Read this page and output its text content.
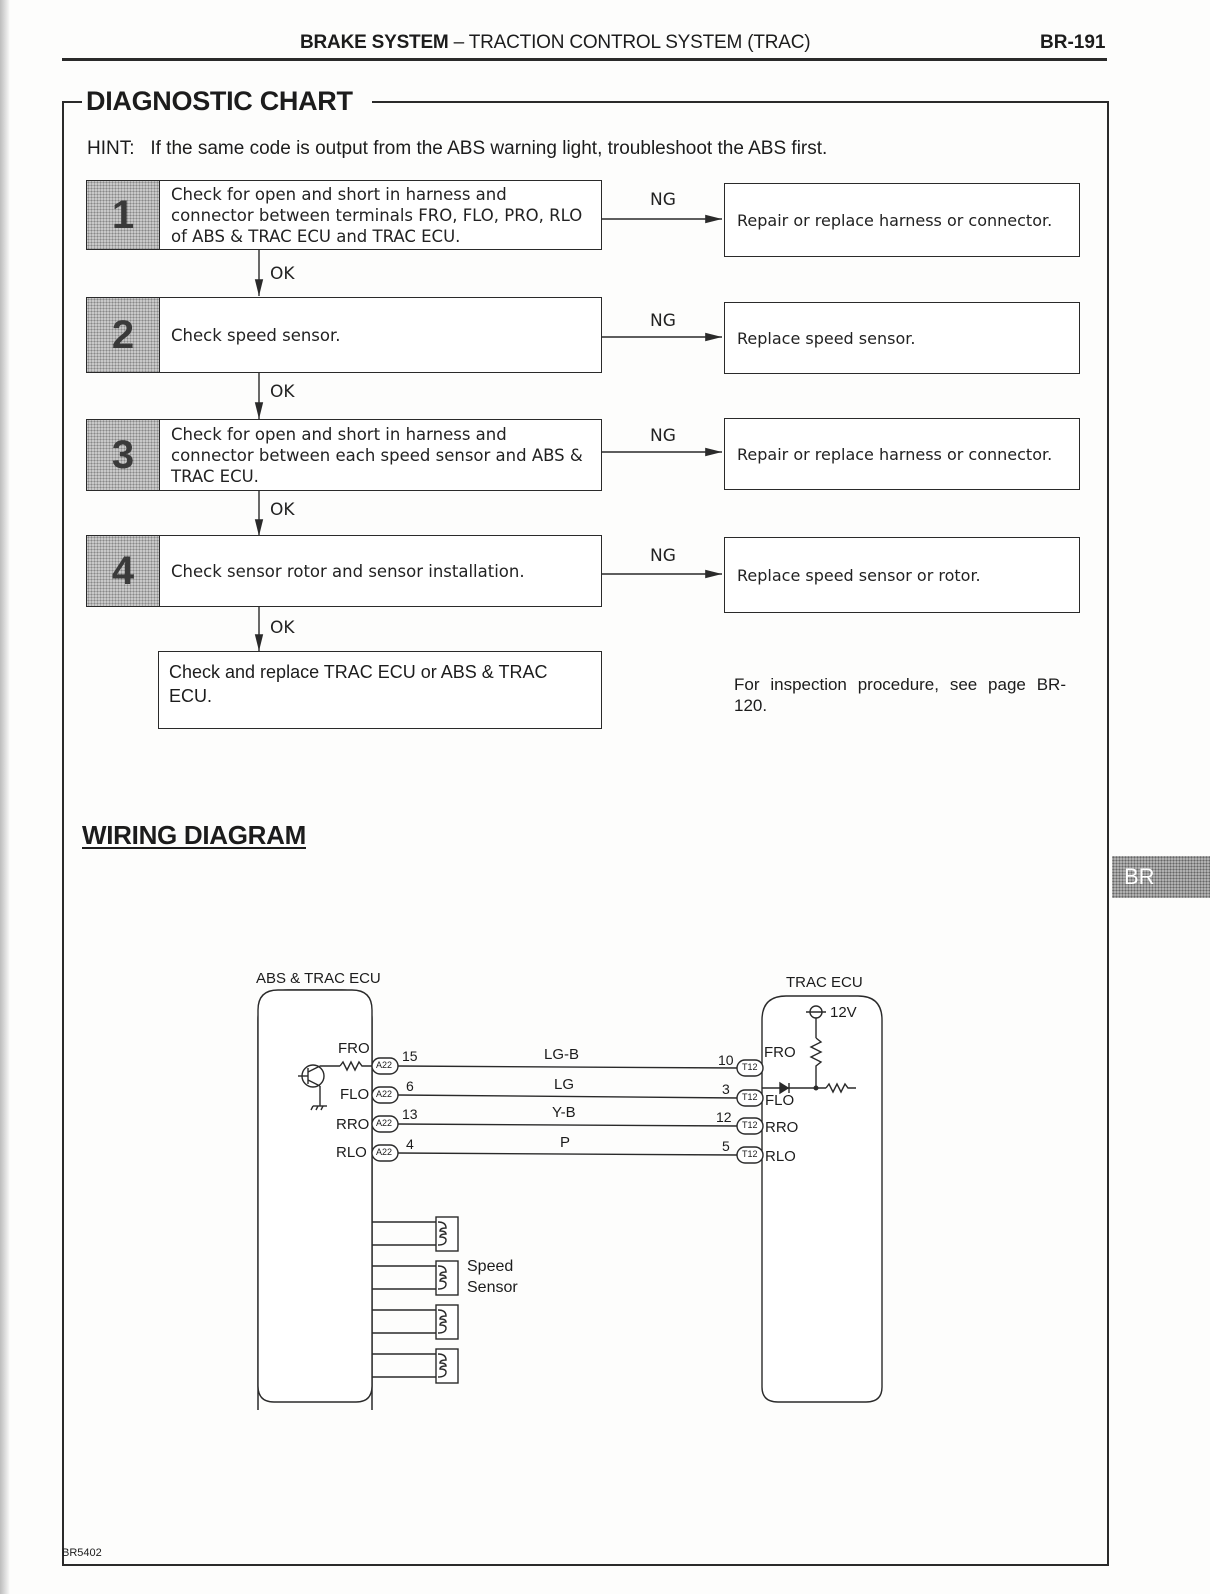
BRAKE SYSTEM – TRACTION CONTROL SYSTEM (TRAC)	BR-191
DIAGNOSTIC CHART
HINT:   If the same code is output from the ABS warning light, troubleshoot the ABS first.
1	Check for open and short in harness and connector between terminals FRO, FLO, PRO, RLO of ABS & TRAC ECU and TRAC ECU.
NG
Repair or replace harness or connector.
OK
2	Check speed sensor.
NG
Replace speed sensor.
OK
3	Check for open and short in harness and connector between each speed sensor and ABS & TRAC ECU.
NG
Repair or replace harness or connector.
OK
4	Check sensor rotor and sensor installation.
NG
Replace speed sensor or rotor.
OK
Check and replace TRAC ECU or ABS & TRAC ECU.
For inspection procedure, see page BR-120.
WIRING DIAGRAM
ABS & TRAC ECU	TRAC ECU
A22
A22
A22
A22
T12
T12
T12
T12
FRO
FLO
RRO
RLO
15
6
13
4
LG-B
LG
Y-B
P
10
3
12
5
FRO
FLO
RRO
RLO
12V
Speed
Sensor
BR5402
BR
